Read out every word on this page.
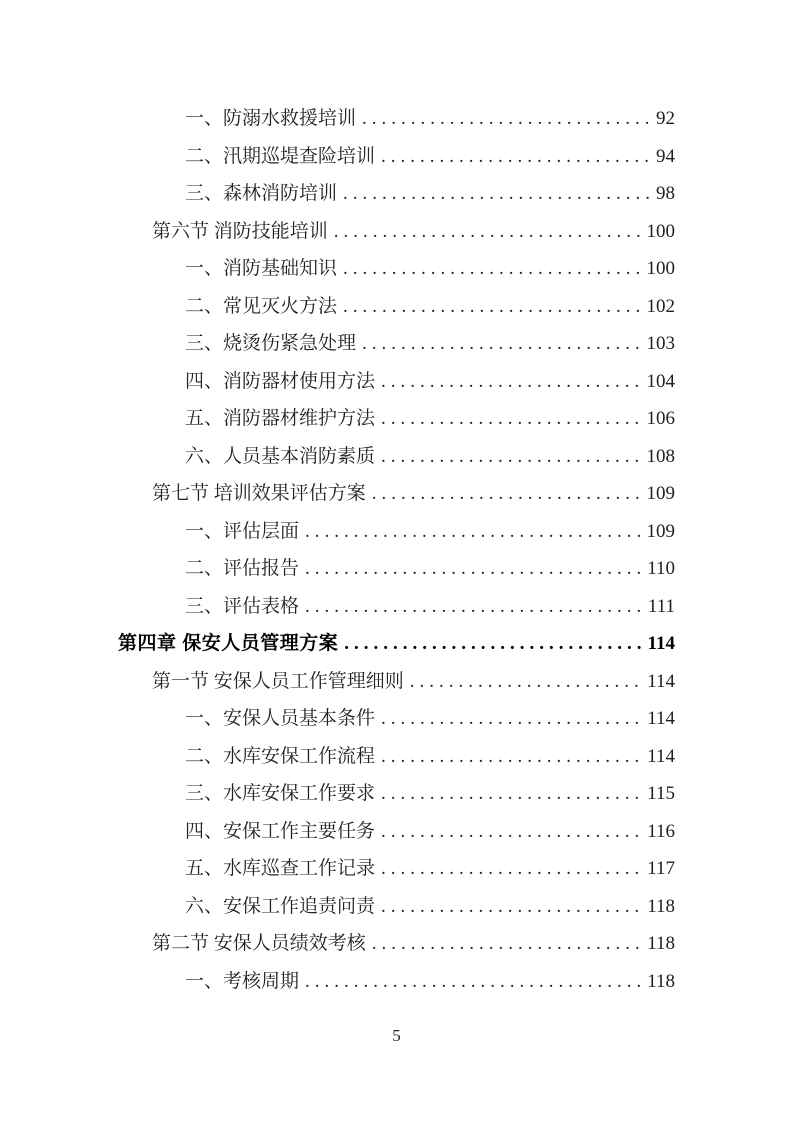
一、防溺水救援培训 .....	92
二、汛期巡堤查险培训 .....	94
三、森林消防培训 .....	98
第六节 消防技能培训 .....	100
一、消防基础知识 .....	100
二、常见灭火方法 .....	102
三、烧烫伤紧急处理 .....	103
四、消防器材使用方法 .....	104
五、消防器材维护方法 .....	106
六、人员基本消防素质 .....	108
第七节 培训效果评估方案 .....	109
一、评估层面 .....	109
二、评估报告 .....	110
三、评估表格 .....	111
第四章 保安人员管理方案 .....	114
第一节 安保人员工作管理细则 .....	114
一、安保人员基本条件 .....	114
二、水库安保工作流程 .....	114
三、水库安保工作要求 .....	115
四、安保工作主要任务 .....	116
五、水库巡查工作记录 .....	117
六、安保工作追责问责 .....	118
第二节 安保人员绩效考核 .....	118
一、考核周期 .....	118
5
